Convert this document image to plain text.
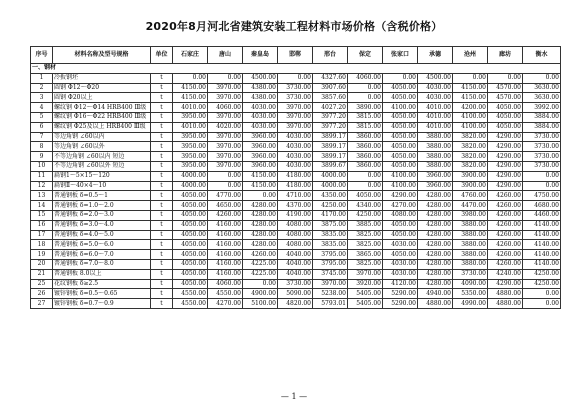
2020年8月河北省建筑安装工程材料市场价格（含税价格）
序号	材料名称及型号规格	单位	石家庄	唐山	秦皇岛	邯郸	邢台	保定	张家口	承德	沧州	廊坊	衡水
一、钢材													
1	冷扳钢坯	t	0.00	0.00	4500.00	0.00	4327.60	4060.00	0.00	4500.00	0.00	0.00	0.00
2	圆钢 Φ12～Φ20	t	4150.00	3970.00	4380.00	3730.00	3907.60	0.00	4050.00	4030.00	4150.00	4570.00	3630.00
3	圆钢 Φ20以上	t	4150.00	3970.00	4380.00	3730.00	3857.60	0.00	4050.00	4030.00	4150.00	4570.00	3630.00
4	螺纹钢 Φ12～Φ14 HRB400 Ⅲ级	t	4010.00	4060.00	4030.00	3970.00	4027.20	3890.00	4100.00	4010.00	4200.00	4050.00	3992.00
5	螺纹钢 Φ16～Φ22 HRB400 Ⅲ级	t	3950.00	3970.00	4030.00	3970.00	3977.20	3815.00	4050.00	4010.00	4100.00	4050.00	3884.00
6	螺纹钢 Φ25及以上 HRB400 Ⅲ级	t	4010.00	4020.00	4030.00	3970.00	3977.20	3815.00	4050.00	4010.00	4100.00	4050.00	3884.00
7	等边角钢 ∠60以内	t	3950.00	3970.00	3960.00	4030.00	3899.17	3860.00	4050.00	3880.00	3820.00	4290.00	3730.00
8	等边角钢 ∠60以外	t	3950.00	3970.00	3960.00	4030.00	3899.17	3860.00	4050.00	3880.00	3820.00	4290.00	3730.00
9	不等边角钢 ∠60以内 短边	t	3950.00	3970.00	3960.00	4030.00	3899.17	3860.00	4050.00	3880.00	3820.00	4290.00	3730.00
10	不等边角钢 ∠60以外 短边	t	3950.00	3970.00	3960.00	4030.00	3899.67	3860.00	4050.00	3880.00	3820.00	4290.00	3730.00
11	扁钢1～5×15～120	t	4000.00	0.00	4150.00	4180.00	4000.00	0.00	4100.00	3960.00	3900.00	4290.00	0.00
12	扁钢Ⅱ～40×4～10	t	4000.00	0.00	4150.00	4180.00	4000.00	0.00	4100.00	3960.00	3900.00	4290.00	0.00
13	普通钢板 δ=0.5～1	t	4050.00	4770.00	0.00	4710.00	4350.00	4050.00	4290.00	4280.00	4760.00	4260.00	4750.00
14	普通钢板 δ=1.0～2.0	t	4050.00	4650.00	4280.00	4370.00	4250.00	4340.00	4270.00	4280.00	4470.00	4260.00	4680.00
15	普通钢板 δ=2.0～3.0	t	4050.00	4260.00	4280.00	4190.00	4170.00	4250.00	4080.00	4280.00	3980.00	4260.00	4460.00
16	普通钢板 δ=3.0～4.0	t	4050.00	4160.00	4280.00	4080.00	3875.00	3885.00	4050.00	4280.00	3880.00	4260.00	4140.00
17	普通钢板 δ=4.0～5.0	t	4050.00	4160.00	4280.00	4080.00	3835.00	3825.00	4050.00	4280.00	3880.00	4260.00	4140.00
18	普通钢板 δ=5.0～6.0	t	4050.00	4160.00	4280.00	4080.00	3835.00	3825.00	4030.00	4280.00	3880.00	4260.00	4140.00
19	普通钢板 δ=6.0～7.0	t	4050.00	4160.00	4260.00	4040.00	3795.00	3865.00	4050.00	4280.00	3880.00	4260.00	4140.00
20	普通钢板 δ=7.0～8.0	t	4050.00	4160.00	4225.00	4040.00	3795.00	3825.00	4030.00	4280.00	3880.00	4260.00	4140.00
21	普通钢板 8.0以上	t	4050.00	4160.00	4225.00	4040.00	3745.00	3970.00	4030.00	4280.00	3730.00	4240.00	4250.00
25	花纹钢板 δ≥2.5	t	4050.00	4060.00	0.00	3730.00	3970.00	3920.00	4120.00	4280.00	4090.00	4290.00	4250.00
26	镀锌钢板 δ=0.5～0.65	t	4550.00	4550.00	4900.00	5090.00	5238.00	5405.00	5290.00	4940.00	5350.00	4880.00	0.00
27	镀锌钢板 δ=0.7～0.9	t	4550.00	4270.00	5100.00	4820.00	5793.01	5405.00	5290.00	4880.00	4990.00	4880.00	0.00
— 1 —
